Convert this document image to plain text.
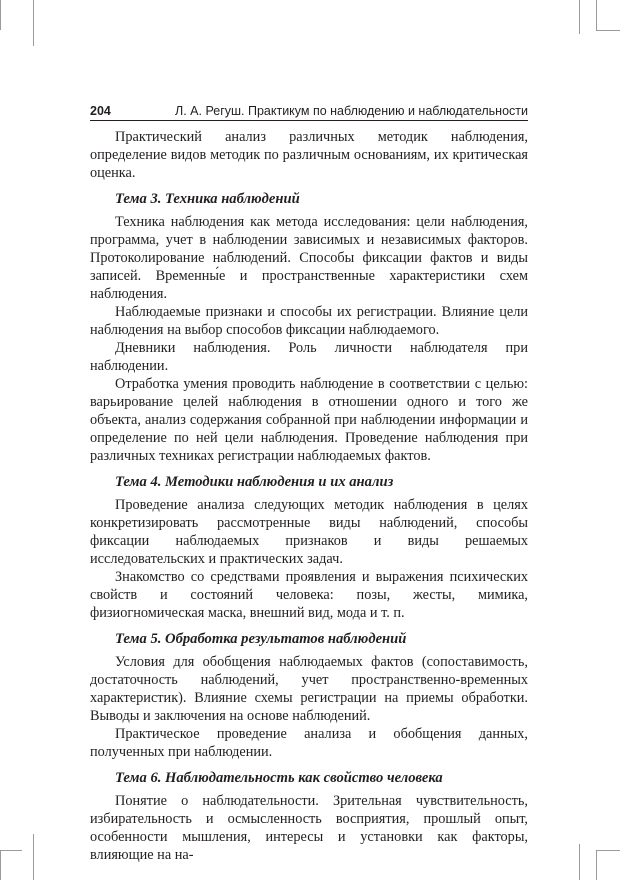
204	Л. А. Регуш. Практикум по наблюдению и наблюдательности

Практический анализ различных методик наблюдения, определение видов методик по различным основаниям, их критическая оценка.

Тема 3. Техника наблюдений

Техника наблюдения как метода исследования: цели наблюдения, программа, учет в наблюдении зависимых и независимых факторов. Протоколирование наблюдений. Способы фиксации фактов и виды записей. Временны́е и пространственные характеристики схем наблюдения.

Наблюдаемые признаки и способы их регистрации. Влияние цели наблюдения на выбор способов фиксации наблюдаемого.

Дневники наблюдения. Роль личности наблюдателя при наблюдении.

Отработка умения проводить наблюдение в соответствии с целью: варьирование целей наблюдения в отношении одного и того же объекта, анализ содержания собранной при наблюдении информации и определение по ней цели наблюдения. Проведение наблюдения при различных техниках регистрации наблюдаемых фактов.

Тема 4. Методики наблюдения и их анализ

Проведение анализа следующих методик наблюдения в целях конкретизировать рассмотренные виды наблюдений, способы фиксации наблюдаемых признаков и виды решаемых исследовательских и практических задач.

Знакомство со средствами проявления и выражения психических свойств и состояний человека: позы, жесты, мимика, физиогномическая маска, внешний вид, мода и т. п.

Тема 5. Обработка результатов наблюдений

Условия для обобщения наблюдаемых фактов (сопоставимость, достаточность наблюдений, учет пространственно-временных характеристик). Влияние схемы регистрации на приемы обработки. Выводы и заключения на основе наблюдений.

Практическое проведение анализа и обобщения данных, полученных при наблюдении.

Тема 6. Наблюдательность как свойство человека

Понятие о наблюдательности. Зрительная чувствительность, избирательность и осмысленность восприятия, прошлый опыт, особенности мышления, интересы и установки как факторы, влияющие на на-
